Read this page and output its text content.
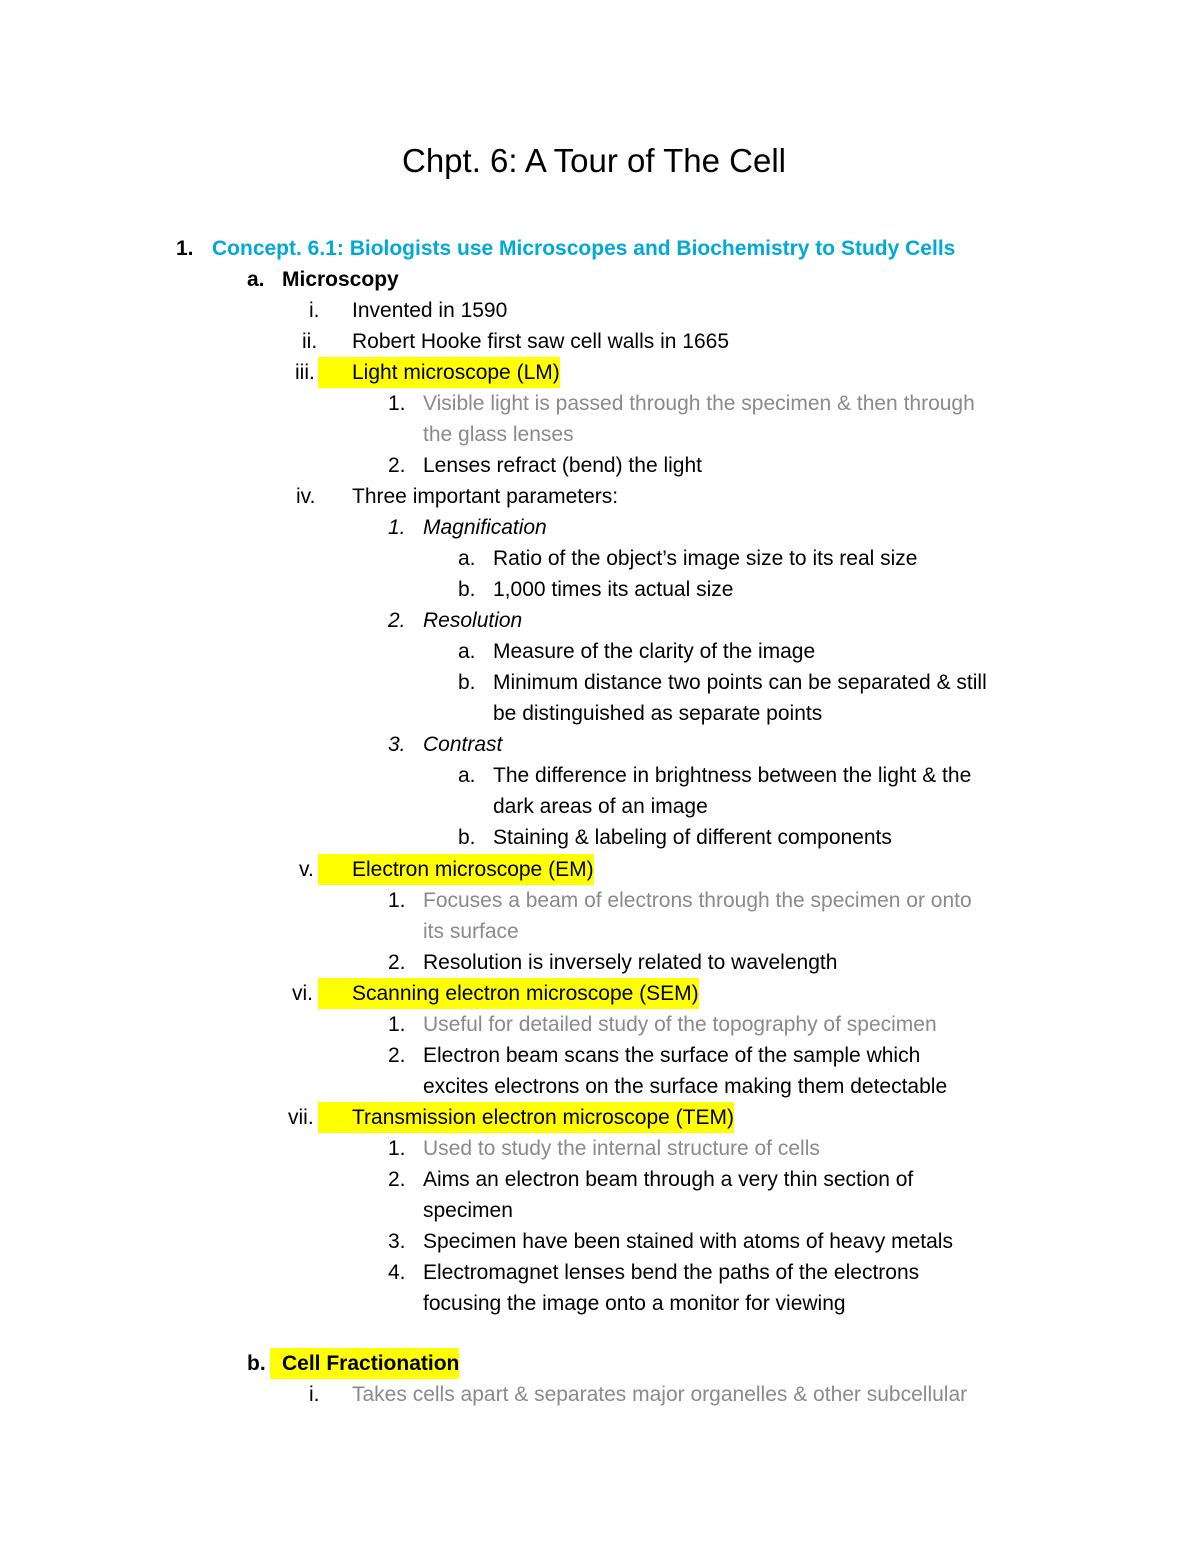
Chpt. 6: A Tour of The Cell
1. Concept. 6.1: Biologists use Microscopes and Biochemistry to Study Cells
a. Microscopy
i. Invented in 1590
ii. Robert Hooke first saw cell walls in 1665
iii.	Light microscope (LM)
1. Visible light is passed through the specimen & then through
the glass lenses
2. Lenses refract (bend) the light
iv. Three important parameters:
1. Magnification
a. Ratio of the object’s image size to its real size
b. 1,000 times its actual size
2. Resolution
a. Measure of the clarity of the image
b. Minimum distance two points can be separated & still
be distinguished as separate points
3. Contrast
a. The difference in brightness between the light & the
dark areas of an image
b. Staining & labeling of different components
v.	Electron microscope (EM)
1. Focuses a beam of electrons through the specimen or onto
its surface
2. Resolution is inversely related to wavelength
vi.	Scanning electron microscope (SEM)
1. Useful for detailed study of the topography of specimen
2. Electron beam scans the surface of the sample which
excites electrons on the surface making them detectable
vii.	Transmission electron microscope (TEM)
1. Used to study the internal structure of cells
2. Aims an electron beam through a very thin section of
specimen
3. Specimen have been stained with atoms of heavy metals
4. Electromagnet lenses bend the paths of the electrons
focusing the image onto a monitor for viewing
b. Cell Fractionation
i. Takes cells apart & separates major organelles & other subcellular
